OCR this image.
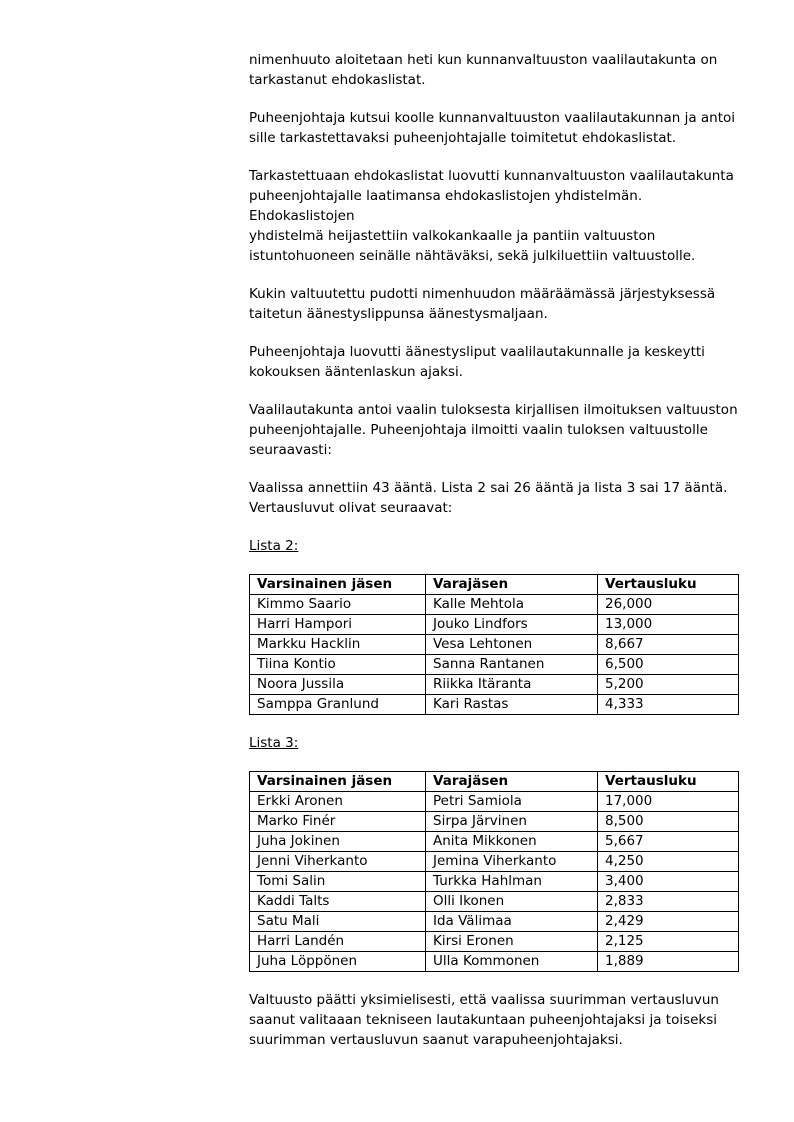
nimenhuuto aloitetaan heti kun kunnanvaltuuston vaalilautakunta on
tarkastanut ehdokaslistat.

Puheenjohtaja kutsui koolle kunnanvaltuuston vaalilautakunnan ja antoi
sille tarkastettavaksi puheenjohtajalle toimitetut ehdokaslistat.

Tarkastettuaan ehdokaslistat luovutti kunnanvaltuuston vaalilautakunta
puheenjohtajalle laatimansa ehdokaslistojen yhdistelmän. Ehdokaslistojen
yhdistelmä heijastettiin valkokankaalle ja pantiin valtuuston
istuntohuoneen seinälle nähtäväksi, sekä julkiluettiin valtuustolle.

Kukin valtuutettu pudotti nimenhuudon määräämässä järjestyksessä
taitetun äänestyslippunsa äänestysmaljaan.

Puheenjohtaja luovutti äänestysliput vaalilautakunnalle ja keskeytti
kokouksen ääntenlaskun ajaksi.

Vaalilautakunta antoi vaalin tuloksesta kirjallisen ilmoituksen valtuuston
puheenjohtajalle. Puheenjohtaja ilmoitti vaalin tuloksen valtuustolle
seuraavasti:

Vaalissa annettiin 43 ääntä. Lista 2 sai 26 ääntä ja lista 3 sai 17 ääntä.
Vertausluvut olivat seuraavat:

Lista 2:

Varsinainen jäsen	Varajäsen	Vertausluku
Kimmo Saario	Kalle Mehtola	26,000
Harri Hampori	Jouko Lindfors	13,000
Markku Hacklin	Vesa Lehtonen	8,667
Tiina Kontio	Sanna Rantanen	6,500
Noora Jussila	Riikka Itäranta	5,200
Samppa Granlund	Kari Rastas	4,333

Lista 3:

Varsinainen jäsen	Varajäsen	Vertausluku
Erkki Aronen	Petri Samiola	17,000
Marko Finér	Sirpa Järvinen	8,500
Juha Jokinen	Anita Mikkonen	5,667
Jenni Viherkanto	Jemina Viherkanto	4,250
Tomi Salin	Turkka Hahlman	3,400
Kaddi Talts	Olli Ikonen	2,833
Satu Mali	Ida Välimaa	2,429
Harri Landén	Kirsi Eronen	2,125
Juha Löppönen	Ulla Kommonen	1,889

Valtuusto päätti yksimielisesti, että vaalissa suurimman vertausluvun
saanut valitaaan tekniseen lautakuntaan puheenjohtajaksi ja toiseksi
suurimman vertausluvun saanut varapuheenjohtajaksi.
